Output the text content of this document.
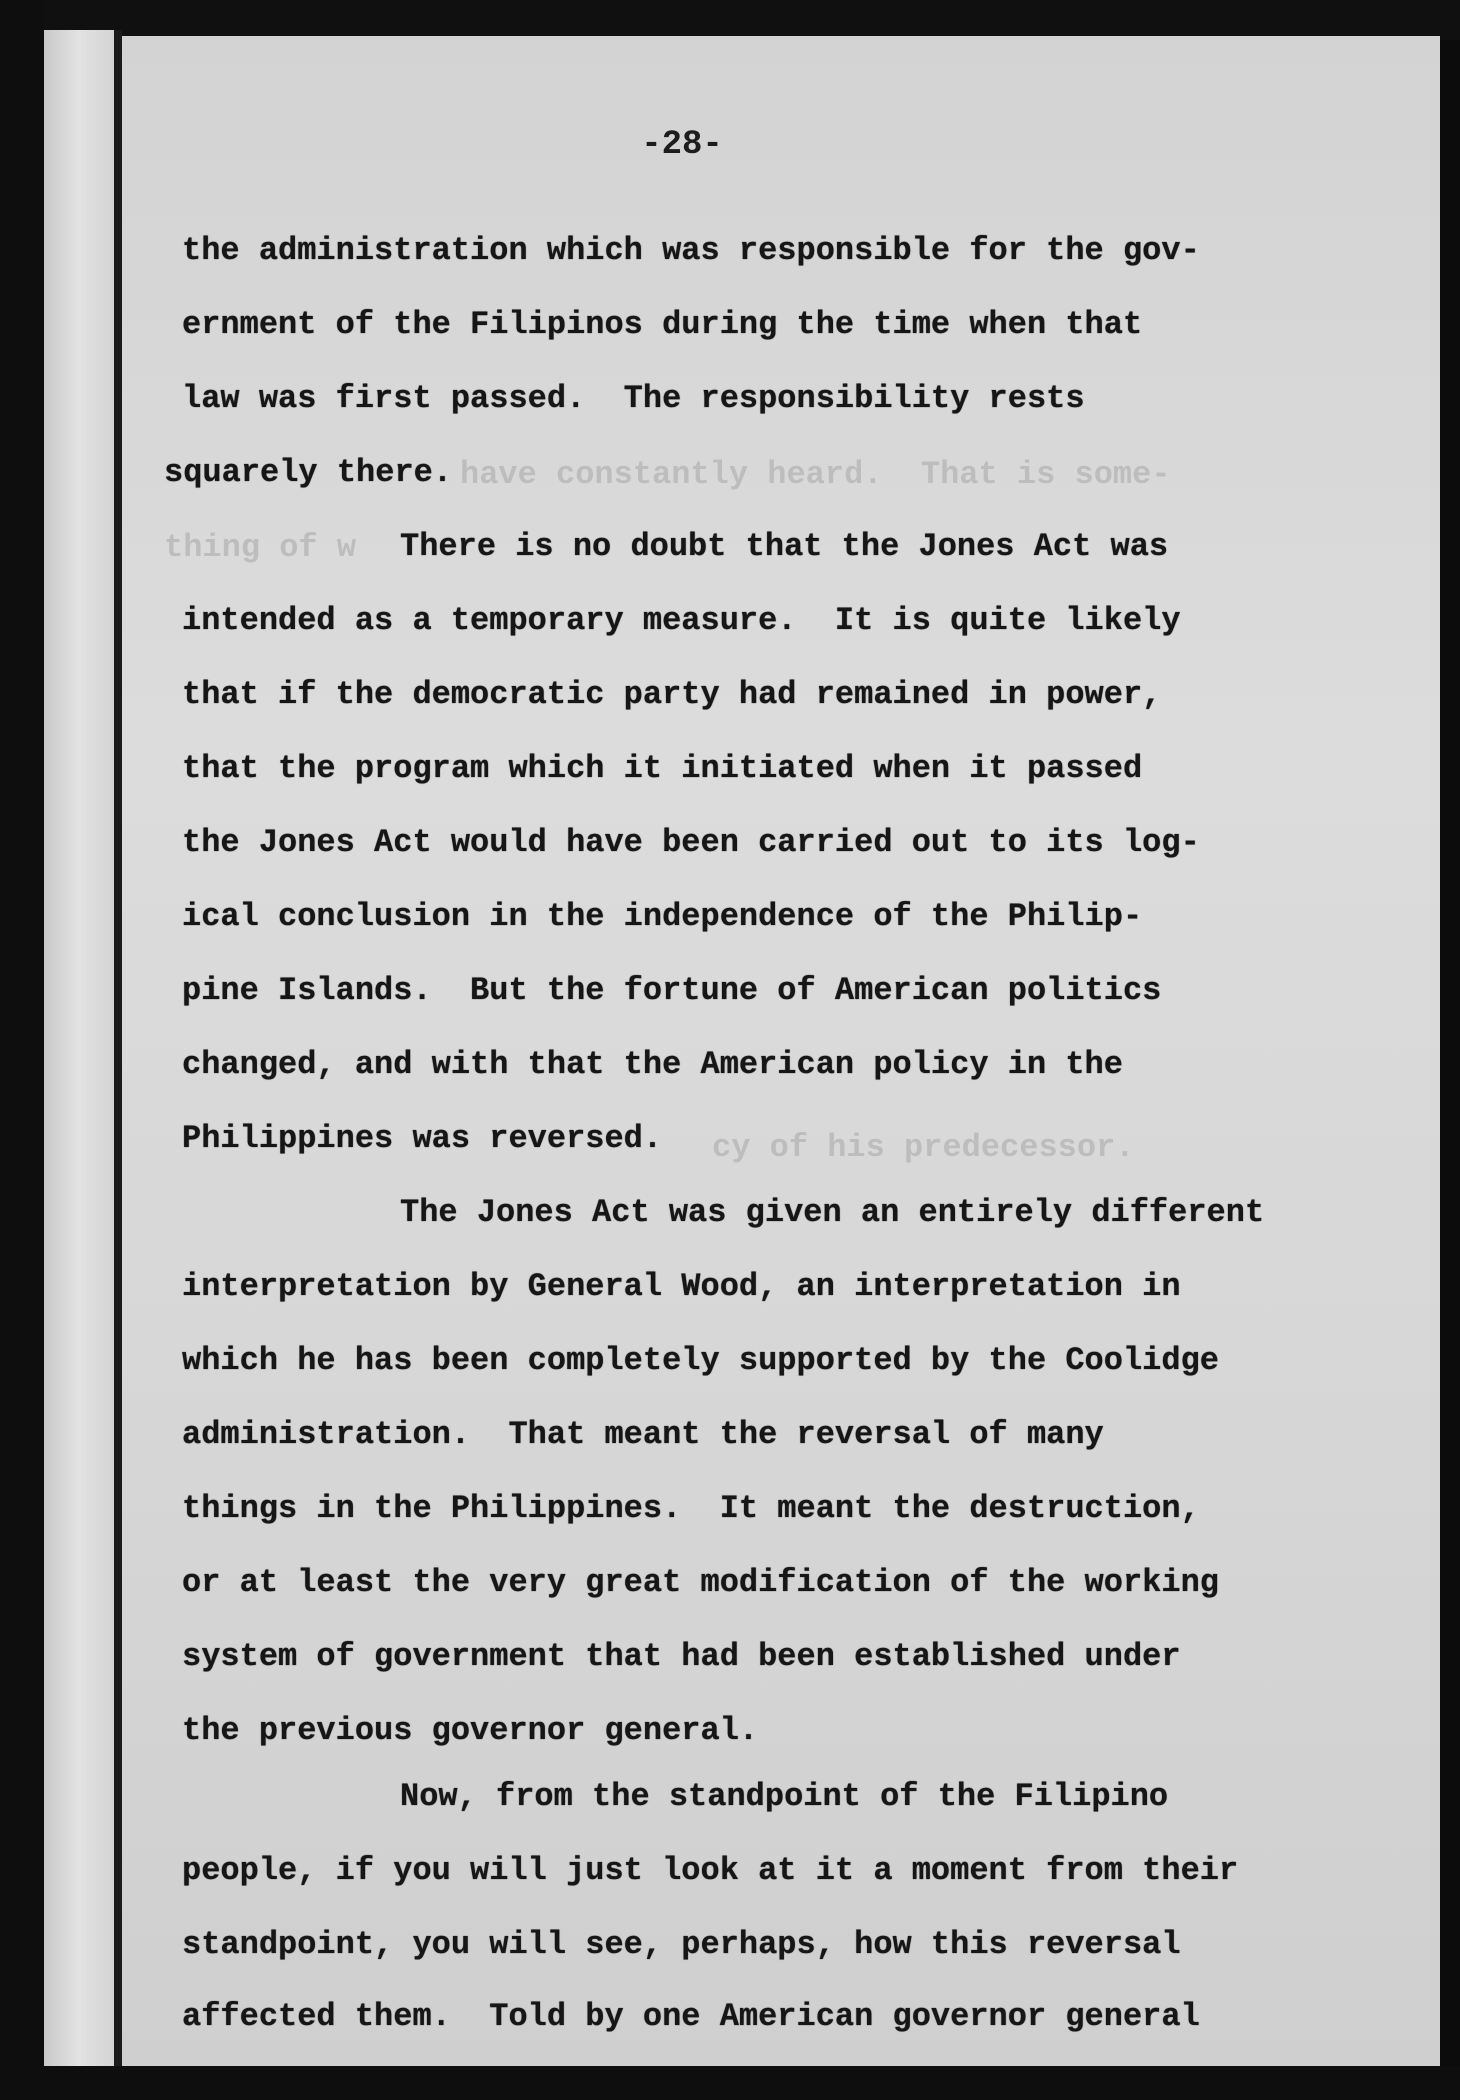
have constantly heard.  That is some-

thing of w

cy of his predecessor.

-28-

the administration which was responsible for the gov-

ernment of the Filipinos during the time when that

law was first passed.  The responsibility rests

squarely there.

There is no doubt that the Jones Act was

intended as a temporary measure.  It is quite likely

that if the democratic party had remained in power,

that the program which it initiated when it passed

the Jones Act would have been carried out to its log-

ical conclusion in the independence of the Philip-

pine Islands.  But the fortune of American politics

changed, and with that the American policy in the

Philippines was reversed.

The Jones Act was given an entirely different

interpretation by General Wood, an interpretation in

which he has been completely supported by the Coolidge

administration.  That meant the reversal of many

things in the Philippines.  It meant the destruction,

or at least the very great modification of the working

system of government that had been established under

the previous governor general.

Now, from the standpoint of the Filipino

people, if you will just look at it a moment from their

standpoint, you will see, perhaps, how this reversal

affected them.  Told by one American governor general
